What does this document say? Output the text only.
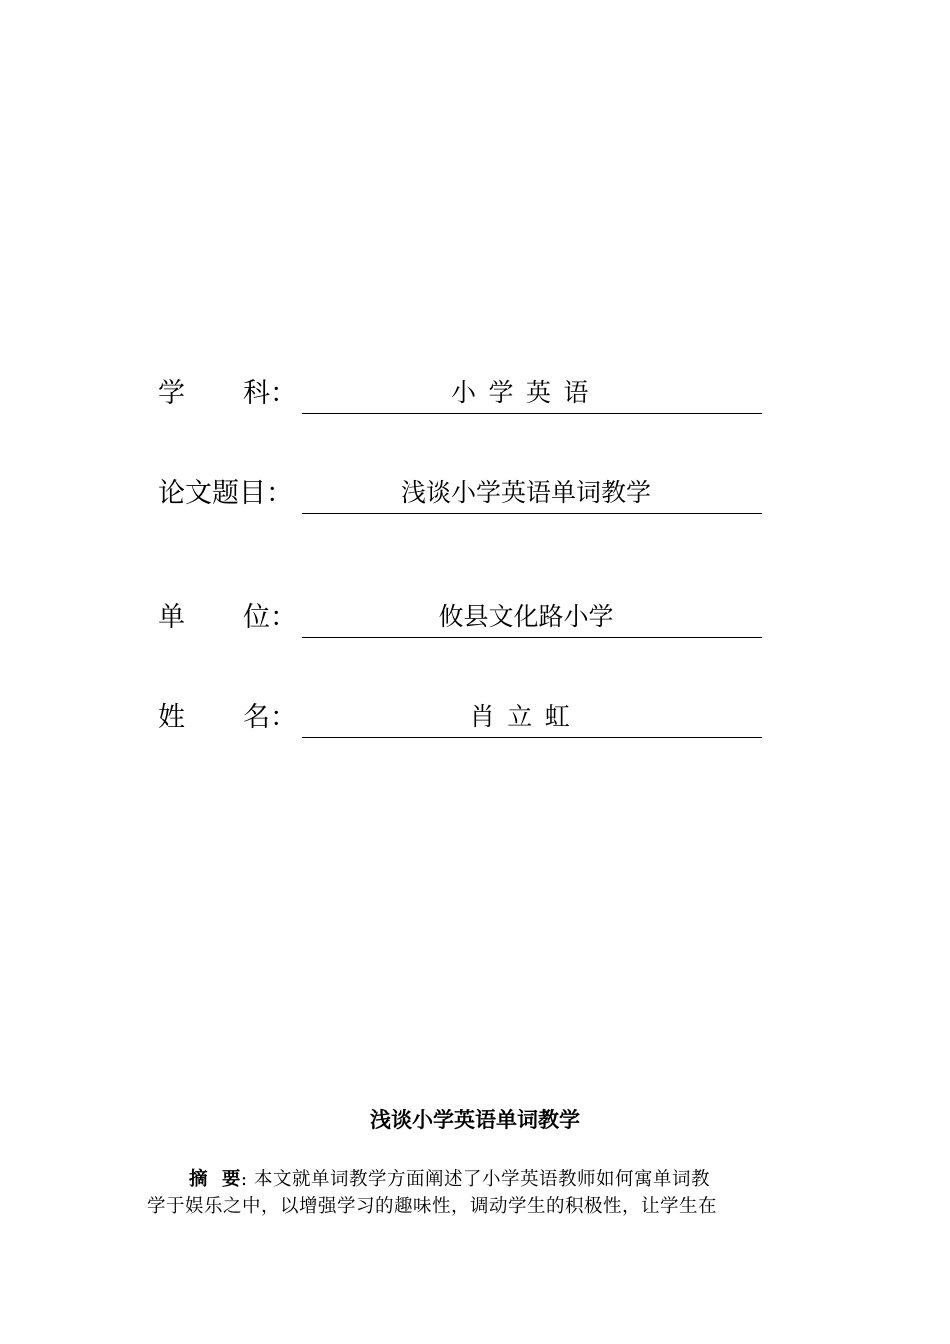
学 科：	小学英语
论文题目：	浅谈小学英语单词教学
单 位：	攸县文化路小学
姓 名：	肖立虹
浅谈小学英语单词教学
摘  要: 本文就单词教学方面阐述了小学英语教师如何寓单词教
学于娱乐之中，以增强学习的趣味性，调动学生的积极性，让学生在
